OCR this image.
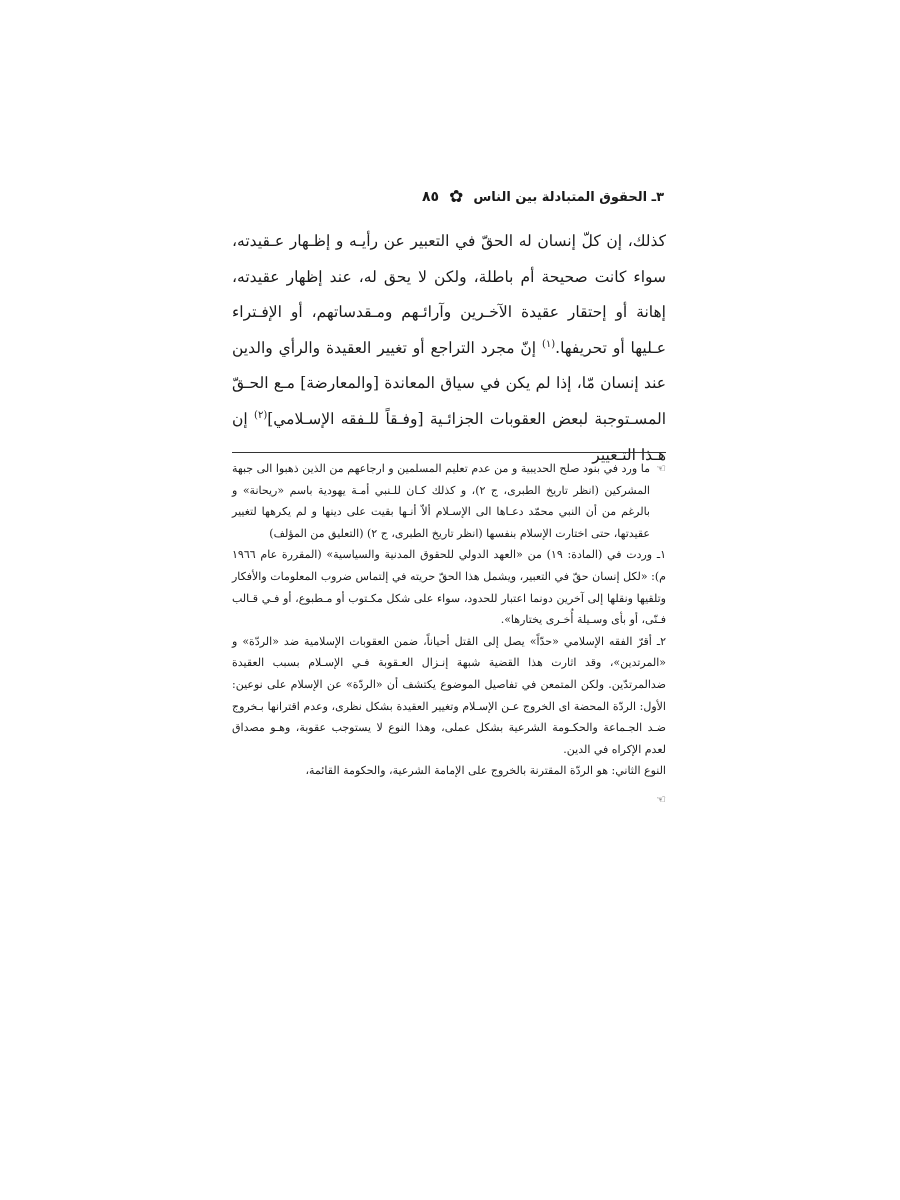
٣ـ الحقوق المتبادلة بين الناس
✿
٨٥

كذلك، إن كلّ إنسان له الحقّ في التعبير عن رأيـه و إظـهار عـقيدته، سواء كانت صحيحة أم باطلة، ولكن لا يحق له، عند إظهار عقيدته، إهانة أو إحتقار عقيدة الآخـرين وآرائـهم ومـقدساتهم، أو الإفـتراء عـليها أو تحريفها.$^{(١)}$ إنّ مجرد التراجع أو تغيير العقيدة والرأي والدين عند إنسان مّا، إذا لم يكن في سياق المعاندة [والمعارضة] مـع الحـقّ المسـتوجبة لبعض العقوبات الجزائـية [وفـقاً للـفقه الإسـلامي]$^{(٢)}$ إن هـذا التـغيير

☜
ما ورد في بنود صلح الحديبية و من عدم تعليم المسلمين و ارجاعهم من الذين ذهبوا الى جبهة المشركين (انظر تاريخ الطبرى، ج ٢)، و كذلك كـان للـنبي أمـة يهودية باسم «ريحانة» و بالرغم من أن النبي محمّد دعـاها الى الإسـلام ألاّ أنـها بقيت على دينها و لم يكرهها لتغيير عقيدتها، حتى اختارت الإسلام بنفسها (انظر تاريخ الطبرى، ج ٢) (التعليق من المؤلف)

١ـ وردت في (المادة: ١٩) من «العهد الدولي للحقوق المدنية والسياسية» (المقررة عام ١٩٦٦ م): «لكل إنسان حقّ في التعبير، ويشمل هذا الحقّ حريته في إلتماس ضروب المعلومات والأفكار وتلقيها ونقلها إلى آخرين دونما اعتبار للحدود، سواء على شكل مكـتوب أو مـطبوع، أو فـي قـالب فـنّى، أو بأى وسـيلة أُخـرى يختارها».

٢ـ أقرّ الفقه الإسلامي «حدّاً» يصل إلى القتل أحياناً، ضمن العقوبات الإسلامية ضد «الردّة» و «المرتدين»، وقد اثارت هذا القضية شبهة إنـزال العـقوبة فـي الإسـلام بسبب العقيدة ضدالمرتدّين. ولكن المتمعن في تفاصيل الموضوع يكتشف أن «الردّة» عن الإسلام على نوعين: الأول: الردّة المحضة اى الخروج عـن الإسـلام وتغيير العقيدة بشكل نظرى، وعدم اقترانها بـخروج ضـد الجـماعة والحكـومة الشرعية بشكل عملى، وهذا النوع لا يستوجب عقوبة، وهـو مصداق لعدم الإكراه في الدين.

النوع الثاني: هو الردّة المقترنة بالخروج على الإمامة الشرعية، والحكومة القائمة،

☜
